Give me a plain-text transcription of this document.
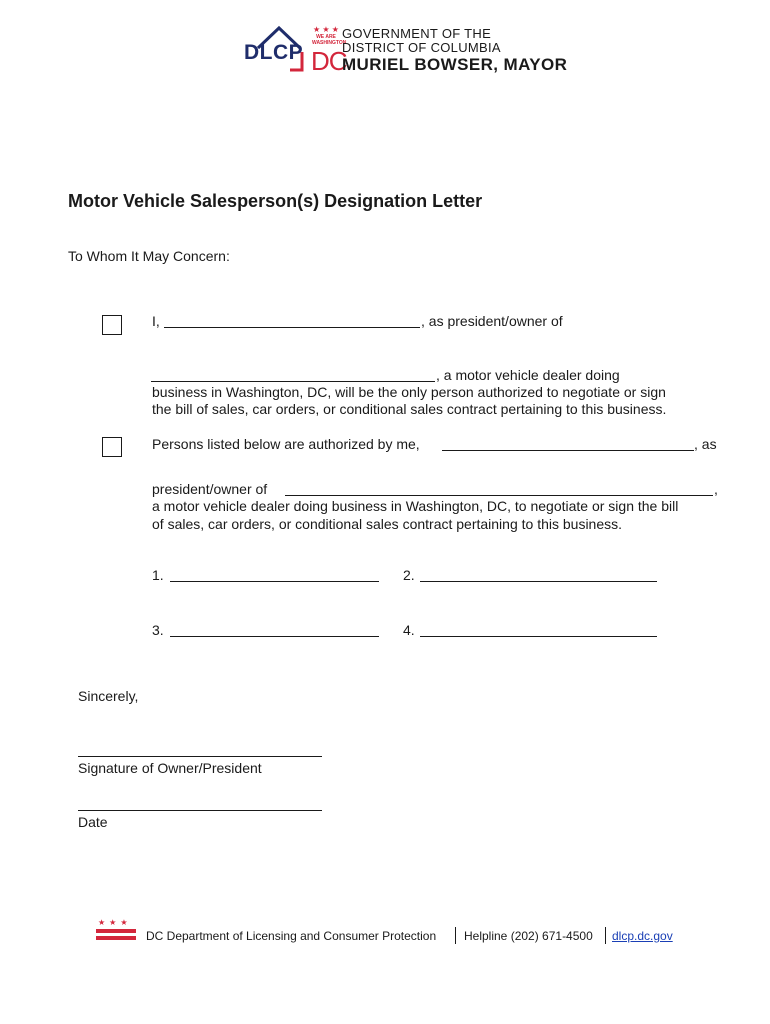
DLCP
★ ★ ★
WE ARE WASHINGTON
DC
GOVERNMENT OF THE
DISTRICT OF COLUMBIA
MURIEL BOWSER, MAYOR
Motor Vehicle Salesperson(s) Designation Letter
To Whom It May Concern:
I,	, as president/owner of
, a motor vehicle dealer doing
business in Washington, DC, will be the only person authorized to negotiate or sign
the bill of sales, car orders, or conditional sales contract pertaining to this business.
Persons listed below are authorized by me,	, as
president/owner of	,
a motor vehicle dealer doing business in Washington, DC, to negotiate or sign the bill
of sales, car orders, or conditional sales contract pertaining to this business.
1.	2.
3.	4.
Sincerely,
Signature of Owner/President
Date
★★★
DC Department of Licensing and Consumer Protection Helpline (202) 671-4500 dlcp.dc.gov
